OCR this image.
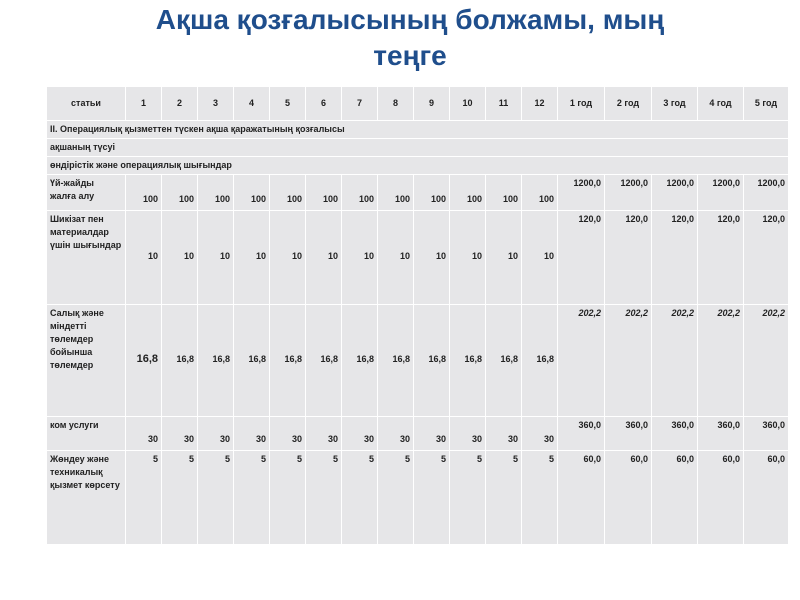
Ақша қозғалысының болжамы, мың теңге
статьи	1	2	3	4	5	6	7	8	9	10	11	12	1 год	2 год	3 год	4 год	5 год
II. Операциялық қызметтен түскен ақша қаражатының қозғалысы																	
ақшаның түсуі																	
өндірістік және операциялық шығындар																	
Үй-жайды жалға алу	100	100	100	100	100	100	100	100	100	100	100	100	1200,0	1200,0	1200,0	1200,0	1200,0
Шикізат пен материалдар үшін шығындар	10	10	10	10	10	10	10	10	10	10	10	10	120,0	120,0	120,0	120,0	120,0
Салық және міндетті төлемдер бойынша төлемдер	16,8	16,8	16,8	16,8	16,8	16,8	16,8	16,8	16,8	16,8	16,8	16,8	202,2	202,2	202,2	202,2	202,2
ком услуги	30	30	30	30	30	30	30	30	30	30	30	30	360,0	360,0	360,0	360,0	360,0
Жөндеу және техникалық қызмет көрсету	5	5	5	5	5	5	5	5	5	5	5	5	60,0	60,0	60,0	60,0	60,0
